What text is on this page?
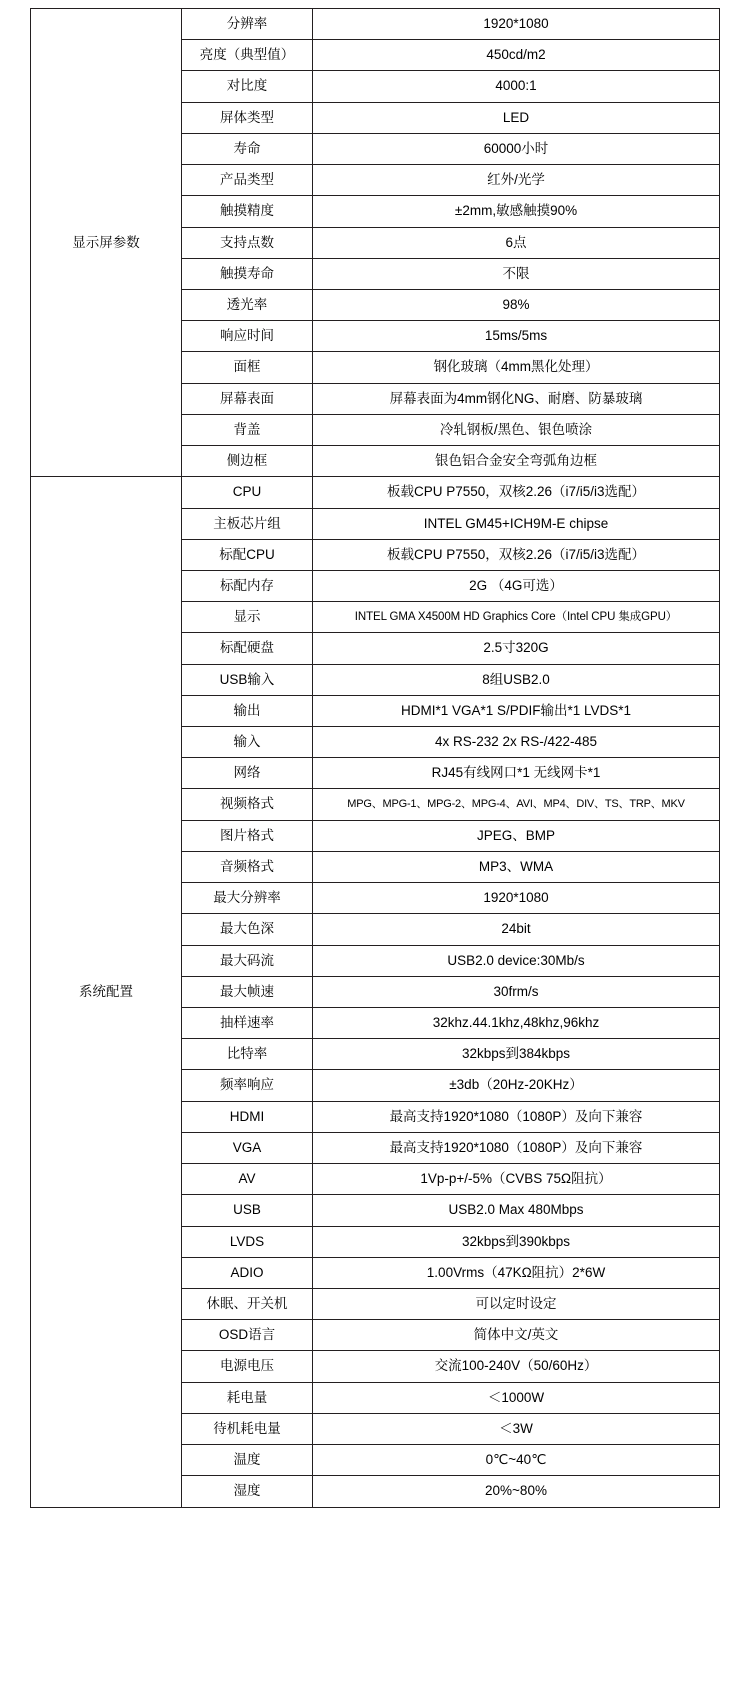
显示屏参数	分辨率	1920*1080
	亮度（典型值）	450cd/m2
	对比度	4000:1
	屏体类型	LED
	寿命	60000小时
	产品类型	红外/光学
	触摸精度	±2mm,敏感触摸90%
	支持点数	6点
	触摸寿命	不限
	透光率	98%
	响应时间	15ms/5ms
	面框	钢化玻璃（4mm黑化处理）
	屏幕表面	屏幕表面为4mm钢化NG、耐磨、防暴玻璃
	背盖	冷轧钢板/黑色、银色喷涂
	侧边框	银色铝合金安全弯弧角边框
系统配置	CPU	板载CPU P7550，双核2.26（i7/i5/i3选配）
	主板芯片组	INTEL GM45+ICH9M-E chipse
	标配CPU	板载CPU P7550，双核2.26（i7/i5/i3选配）
	标配内存	2G （4G可选）
	显示	INTEL GMA X4500M HD Graphics Core（Intel CPU 集成GPU）
	标配硬盘	2.5寸320G
	USB输入	8组USB2.0
	输出	HDMI*1 VGA*1 S/PDIF输出*1 LVDS*1
	输入	4x RS-232 2x RS-/422-485
	网络	RJ45有线网口*1 无线网卡*1
	视频格式	MPG、MPG-1、MPG-2、MPG-4、AVI、MP4、DIV、TS、TRP、MKV
	图片格式	JPEG、BMP
	音频格式	MP3、WMA
	最大分辨率	1920*1080
	最大色深	24bit
	最大码流	USB2.0 device:30Mb/s
	最大帧速	30frm/s
	抽样速率	32khz.44.1khz,48khz,96khz
	比特率	32kbps到384kbps
	频率响应	±3db（20Hz-20KHz）
	HDMI	最高支持1920*1080（1080P）及向下兼容
	VGA	最高支持1920*1080（1080P）及向下兼容
	AV	1Vp-p+/-5%（CVBS 75Ω阻抗）
	USB	USB2.0 Max 480Mbps
	LVDS	32kbps到390kbps
	ADIO	1.00Vrms（47KΩ阻抗）2*6W
	休眠、开关机	可以定时设定
	OSD语言	简体中文/英文
	电源电压	交流100-240V（50/60Hz）
	耗电量	＜1000W
	待机耗电量	＜3W
	温度	0℃~40℃
	湿度	20%~80%
